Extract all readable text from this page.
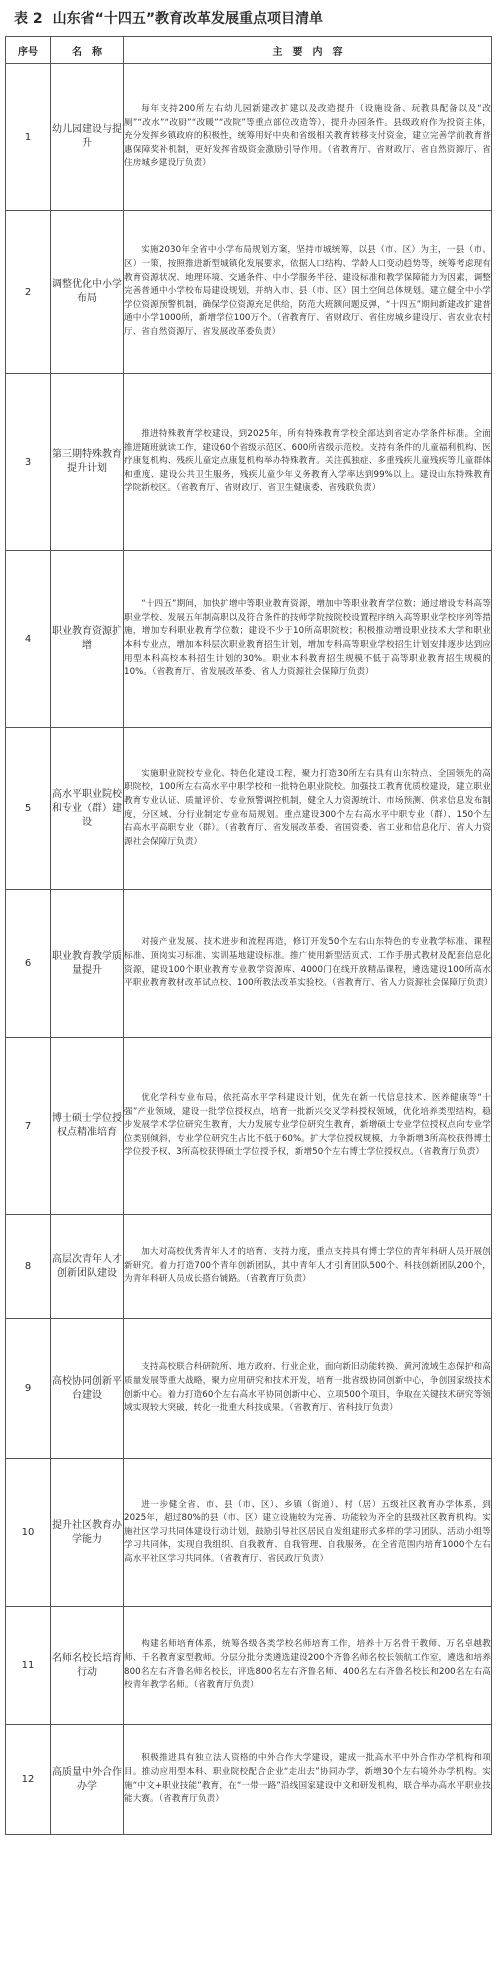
表 2 山东省“十四五”教育改革发展重点项目清单
序号	名　称	主　要　内　容
1	幼儿园建设与提升	每年支持200所左右幼儿园新建改扩建以及改造提升（设施设备、玩教具配备以及“改厕”“改水”“改厨”“改暖”“改院”等重点部位改造等），提升办园条件。县级政府作为投资主体，充分发挥乡镇政府的积极性，统筹用好中央和省级相关教育转移支付资金，建立完善学前教育普惠保障奖补机制，更好发挥省级资金激励引导作用。（省教育厅、省财政厅、省自然资源厅、省住房城乡建设厅负责）

2	调整优化中小学布局	实施2030年全省中小学布局规划方案，坚持市城统筹，以县（市、区）为主，一县（市、区）一策，按照推进新型城镇化发展要求，依据人口结构、学龄人口变动趋势等，统筹考虑现有教育资源状况、地理环境、交通条件、中小学服务半径、建设标准和教学保障能力为因素，调整完善普通中小学校布局建设规划，并纳入市、县（市、区）国土空间总体规划。建立健全中小学学位资源预警机制，确保学位资源充足供给，防范大班额问题反弹，“十四五”期间新建改扩建普通中小学1000所，新增学位100万个。（省教育厅、省财政厅、省住房城乡建设厅、省农业农村厅、省自然资源厅、省发展改革委负责）

3	第三期特殊教育提升计划	推进特殊教育学校建设，到2025年，所有特殊教育学校全部达到省定办学条件标准。全面推进随班就读工作，建设60个省级示范区、600所省级示范校。支持有条件的儿童福利机构、医疗康复机构、残疾儿童定点康复机构举办特殊教育。关注孤独症、多重残疾儿童残疾等儿童群体和重度、建设公共卫生服务，残疾儿童少年义务教育入学率达到99%以上。建设山东特殊教育学院新校区。（省教育厅、省财政厅、省卫生健康委、省残联负责）

4	职业教育资源扩增	“十四五”期间，加快扩增中等职业教育资源，增加中等职业教育学位数；通过增设专科高等职业学校、发展五年制高职以及符合条件的技师学院按院校设置程序纳入高等职业学校序列等措施，增加专科职业教育学位数；建设不少于10所高职院校；积极推动增设职业技术大学和职业本科专业点，增加本科层次职业教育招生计划，增加专科高等职业学校招生计划安排逐步达到应用型本科高校本科招生计划的30%。职业本科教育招生规模不低于高等职业教育招生规模的10%。（省教育厅、省发展改革委、省人力资源社会保障厅负责）

5	高水平职业院校和专业（群）建设	实施职业院校专业化、特色化建设工程，聚力打造30所左右具有山东特点、全国领先的高职院校，100所左右高水平中职学校和一批特色职业院校。加强技工教育优质校建设，建立职业教育专业认证、质量评价、专业预警调控机制，健全人力资源统计、市场预测、供求信息发布制度，分区域、分行业制定专业布局规划。重点建设300个左右高水平中职专业（群）、150个左右高水平高职专业（群）。（省教育厅、省发展改革委、省国资委、省工业和信息化厅、省人力资源社会保障厅负责）

6	职业教育教学质量提升	对接产业发展、技术进步和流程再造，修订开发50个左右山东特色的专业教学标准、课程标准、顶岗实习标准、实训基地建设标准。推广使用新型活页式、工作手册式教材及配套信息化资源，建设100个职业教育专业教学资源库、4000门在线开放精品课程，遴选建设100所高水平职业教育教材改革试点校、100所教法改革实验校。（省教育厅、省人力资源社会保障厅负责）

7	博士硕士学位授权点精准培育	优化学科专业布局，依托高水平学科建设计划，优先在新一代信息技术、医养健康等“十强”产业领域，建设一批学位授权点，培育一批新兴交叉学科授权领域，优化培养类型结构，稳步发展学术学位研究生教育，大力发展专业学位研究生教育，新增硕士专业学位授权点向专业学位类别倾斜，专业学位研究生占比不低于60%。扩大学位授权规模，力争新增3所高校获得博士学位授予权、3所高校获得硕士学位授予权，新增50个左右博士学位授权点。（省教育厅负责）

8	高层次青年人才创新团队建设	加大对高校优秀青年人才的培育、支持力度，重点支持具有博士学位的青年科研人员开展创新研究。着力打造700个青年创新团队，其中青年人才引育团队500个、科技创新团队200个，为青年科研人员成长搭台铺路。（省教育厅负责）

9	高校协同创新平台建设	支持高校联合科研院所、地方政府、行业企业，面向新旧动能转换、黄河流域生态保护和高质量发展等重大战略，聚力应用研究和技术开发，培育一批省级协同创新中心，争创国家级技术创新中心。着力打造60个左右高水平协同创新中心、立项500个项目，争取在关键技术研究等领域实现较大突破，转化一批重大科技成果。（省教育厅、省科技厅负责）

10	提升社区教育办学能力	进一步健全省、市、县（市、区）、乡镇（街道）、村（居）五级社区教育办学体系，到2025年，超过80%的县（市、区）建立设施较为完善、功能较为齐全的县级社区教育机构。实施社区学习共同体建设行动计划，鼓励引导社区居民自发组建形式多样的学习团队、活动小组等学习共同体，实现自我组织、自我教育、自我管理、自我服务，在全省范围内培育1000个左右高水平社区学习共同体。（省教育厅、省民政厅负责）

11	名师名校长培育行动	构建名师培育体系，统筹各级各类学校名师培育工作，培养十万名骨干教师、万名卓越教师、千名教育家型教师。分层分批分类遴选建设200个齐鲁名师名校长领航工作室，遴选和培养800名左右齐鲁名师名校长，评选800名左右齐鲁名师、400名左右齐鲁名校长和200名左右高校青年教学名师。（省教育厅负责）

12	高质量中外合作办学	积极推进具有独立法人资格的中外合作大学建设，建成一批高水平中外合作办学机构和项目。推动应用型本科、职业院校配合企业“走出去”协同办学，新增30个左右境外办学机构。实施“中文+职业技能”教育，在“一带一路”沿线国家建设中文和研发机构，联合举办高水平职业技能大赛。（省教育厅负责）
